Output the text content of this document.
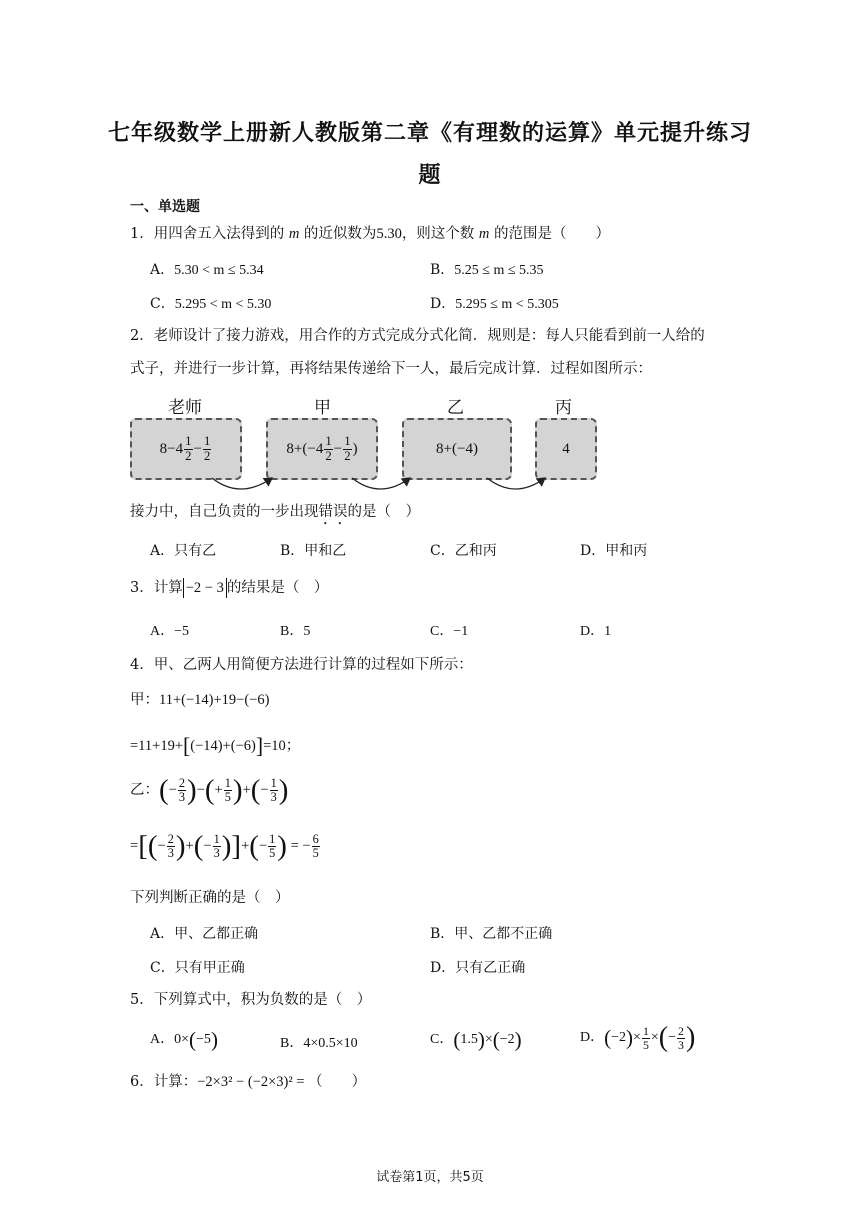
七年级数学上册新人教版第二章《有理数的运算》单元提升练习
题
一、单选题
1．用四舍五入法得到的 m 的近似数为5.30，则这个数 m 的范围是（　　）
A．5.30 < m ≤ 5.34	B．5.25 ≤ m ≤ 5.35
C．5.295 < m < 5.30	D．5.295 ≤ m < 5.305
2．老师设计了接力游戏，用合作的方式完成分式化简．规则是：每人只能看到前一人给的
式子，并进行一步计算，再将结果传递给下一人，最后完成计算．过程如图所示：
老师	甲	乙	丙
$8-4 \frac{1}{2} - \frac{1}{2}$	$8+(-4 \frac{1}{2} - \frac{1}{2}$ )	8+(−4)	4
接力中，自己负责的一步出现错误的是（　）
A．只有乙	B．甲和乙	C．乙和丙	D．甲和丙
3．计算 −2 − 3 的结果是（　）
A．−5	B．5	C．−1	D．1
4．甲、乙两人用简便方法进行计算的过程如下所示：
甲：11+(−14)+19−(−6)
=11+19+[(−14)+(−6)]=10；
乙：(− $\frac{2}{3}$ )−(+ $\frac{1}{5}$ )+(− $\frac{1}{3}$ )
=[(− $\frac{2}{3}$ )+(− $\frac{1}{3}$ )]+(− $\frac{1}{5}$ ) = − $\frac{6}{5}$
下列判断正确的是（　）
A．甲、乙都正确	B．甲、乙都不正确
C．只有甲正确	D．只有乙正确
5．下列算式中，积为负数的是（　）
A．0×(−5)	B．4×0.5×10	C．(1.5)×(−2)	D．$(-2)\times \frac{1}{5}$ ×(− $\frac{2}{3}$ )
6．计算：−2×3² − (−2×3)² = （　　）
试卷第1页，共5页
